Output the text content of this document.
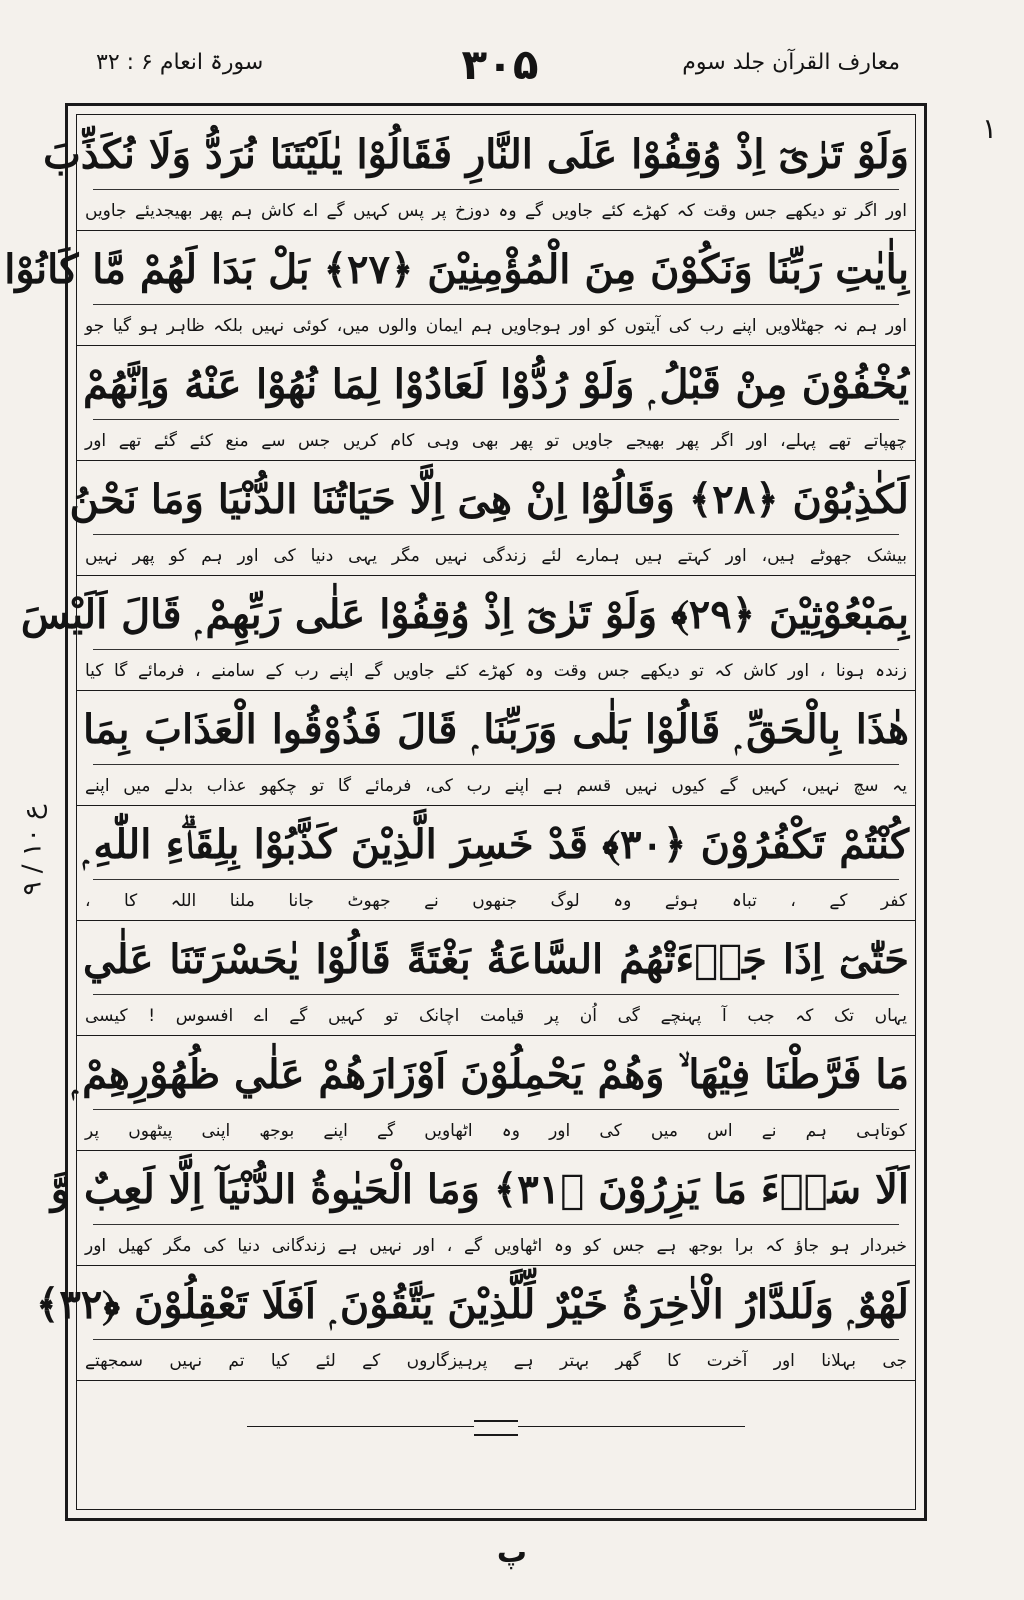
سورۃ انعام ۶ : ۳۲	۳۰۵	معارف القرآن جلد سوم
۱
ع ۱۰ / ۹
وَلَوْ تَرٰىٓ اِذْ وُقِفُوْا عَلَى النَّارِ فَقَالُوْا يٰلَيْتَنَا نُرَدُّ وَلَا نُكَذِّبَ
اور اگر تو دیکھے جس وقت کہ کھڑے کئے جاویں گے وہ دوزخ پر پس کہیں گے اے کاش ہم پھر بھیجدیئے جاویں
بِاٰيٰتِ رَبِّنَا وَنَكُوْنَ مِنَ الْمُؤْمِنِيْنَ ﴿٢٧﴾ بَلْ بَدَا لَهُمْ مَّا كَانُوْا
اور ہم نہ جھٹلاویں اپنے رب کی آیتوں کو اور ہوجاویں ہم ایمان والوں میں، کوئی نہیں بلکہ ظاہر ہو گیا جو
يُخْفُوْنَ مِنْ قَبْلُ ۭ وَلَوْ رُدُّوْا لَعَادُوْا لِمَا نُهُوْا عَنْهُ وَاِنَّهُمْ
چھپاتے تھے پہلے، اور اگر پھر بھیجے جاویں تو پھر بھی وہی کام کریں جس سے منع کئے گئے تھے اور
لَكٰذِبُوْنَ ﴿٢٨﴾ وَقَالُوْٓا اِنْ هِىَ اِلَّا حَيَاتُنَا الدُّنْيَا وَمَا نَحْنُ
بیشک جھوٹے ہیں، اور کہتے ہیں ہمارے لئے زندگی نہیں مگر یہی دنیا کی اور ہم کو پھر نہیں
بِمَبْعُوْثِيْنَ ﴿٢٩﴾ وَلَوْ تَرٰىٓ اِذْ وُقِفُوْا عَلٰى رَبِّهِمْ ۭ قَالَ اَلَيْسَ
زندہ ہونا ، اور کاش کہ تو دیکھے جس وقت وہ کھڑے کئے جاویں گے اپنے رب کے سامنے ، فرمائے گا کیا
هٰذَا بِالْحَقِّ ۭ قَالُوْا بَلٰى وَرَبِّنَا ۭ قَالَ فَذُوْقُوا الْعَذَابَ بِمَا
یہ سچ نہیں، کہیں گے کیوں نہیں قسم ہے اپنے رب کی، فرمائے گا تو چکھو عذاب بدلے میں اپنے
كُنْتُمْ تَكْفُرُوْنَ ﴿٣٠﴾ قَدْ خَسِرَ الَّذِيْنَ كَذَّبُوْا بِلِقَاۗءِ اللّٰهِ ۭ
کفر کے ، تباہ ہوئے وہ لوگ جنھوں نے جھوٹ جانا ملنا اللہ کا ،
حَتّٰىٓ اِذَا جَاۗءَتْهُمُ السَّاعَةُ بَغْتَةً قَالُوْا يٰحَسْرَتَنَا عَلٰي
یہاں تک کہ جب آ پہنچے گی اُن پر قیامت اچانک تو کہیں گے اے افسوس ! کیسی
مَا فَرَّطْنَا فِيْهَا ۙ وَهُمْ يَحْمِلُوْنَ اَوْزَارَهُمْ عَلٰي ظُهُوْرِهِمْ ۭ
کوتاہی ہم نے اس میں کی اور وہ اٹھاویں گے اپنے بوجھ اپنی پیٹھوں پر
اَلَا سَاۗءَ مَا يَزِرُوْنَ ﴿٣١﴾ وَمَا الْحَيٰوةُ الدُّنْيَآ اِلَّا لَعِبٌ وَّ
خبردار ہو جاؤ کہ برا بوجھ ہے جس کو وہ اٹھاویں گے ، اور نہیں ہے زندگانی دنیا کی مگر کھیل اور
لَهْوٌ ۭ وَلَلدَّارُ الْاٰخِرَةُ خَيْرٌ لِّلَّذِيْنَ يَتَّقُوْنَ ۭ اَفَلَا تَعْقِلُوْنَ ﴿٣٢﴾
جی بہلانا اور آخرت کا گھر بہتر ہے پرہیزگاروں کے لئے کیا تم نہیں سمجھتے
پ
